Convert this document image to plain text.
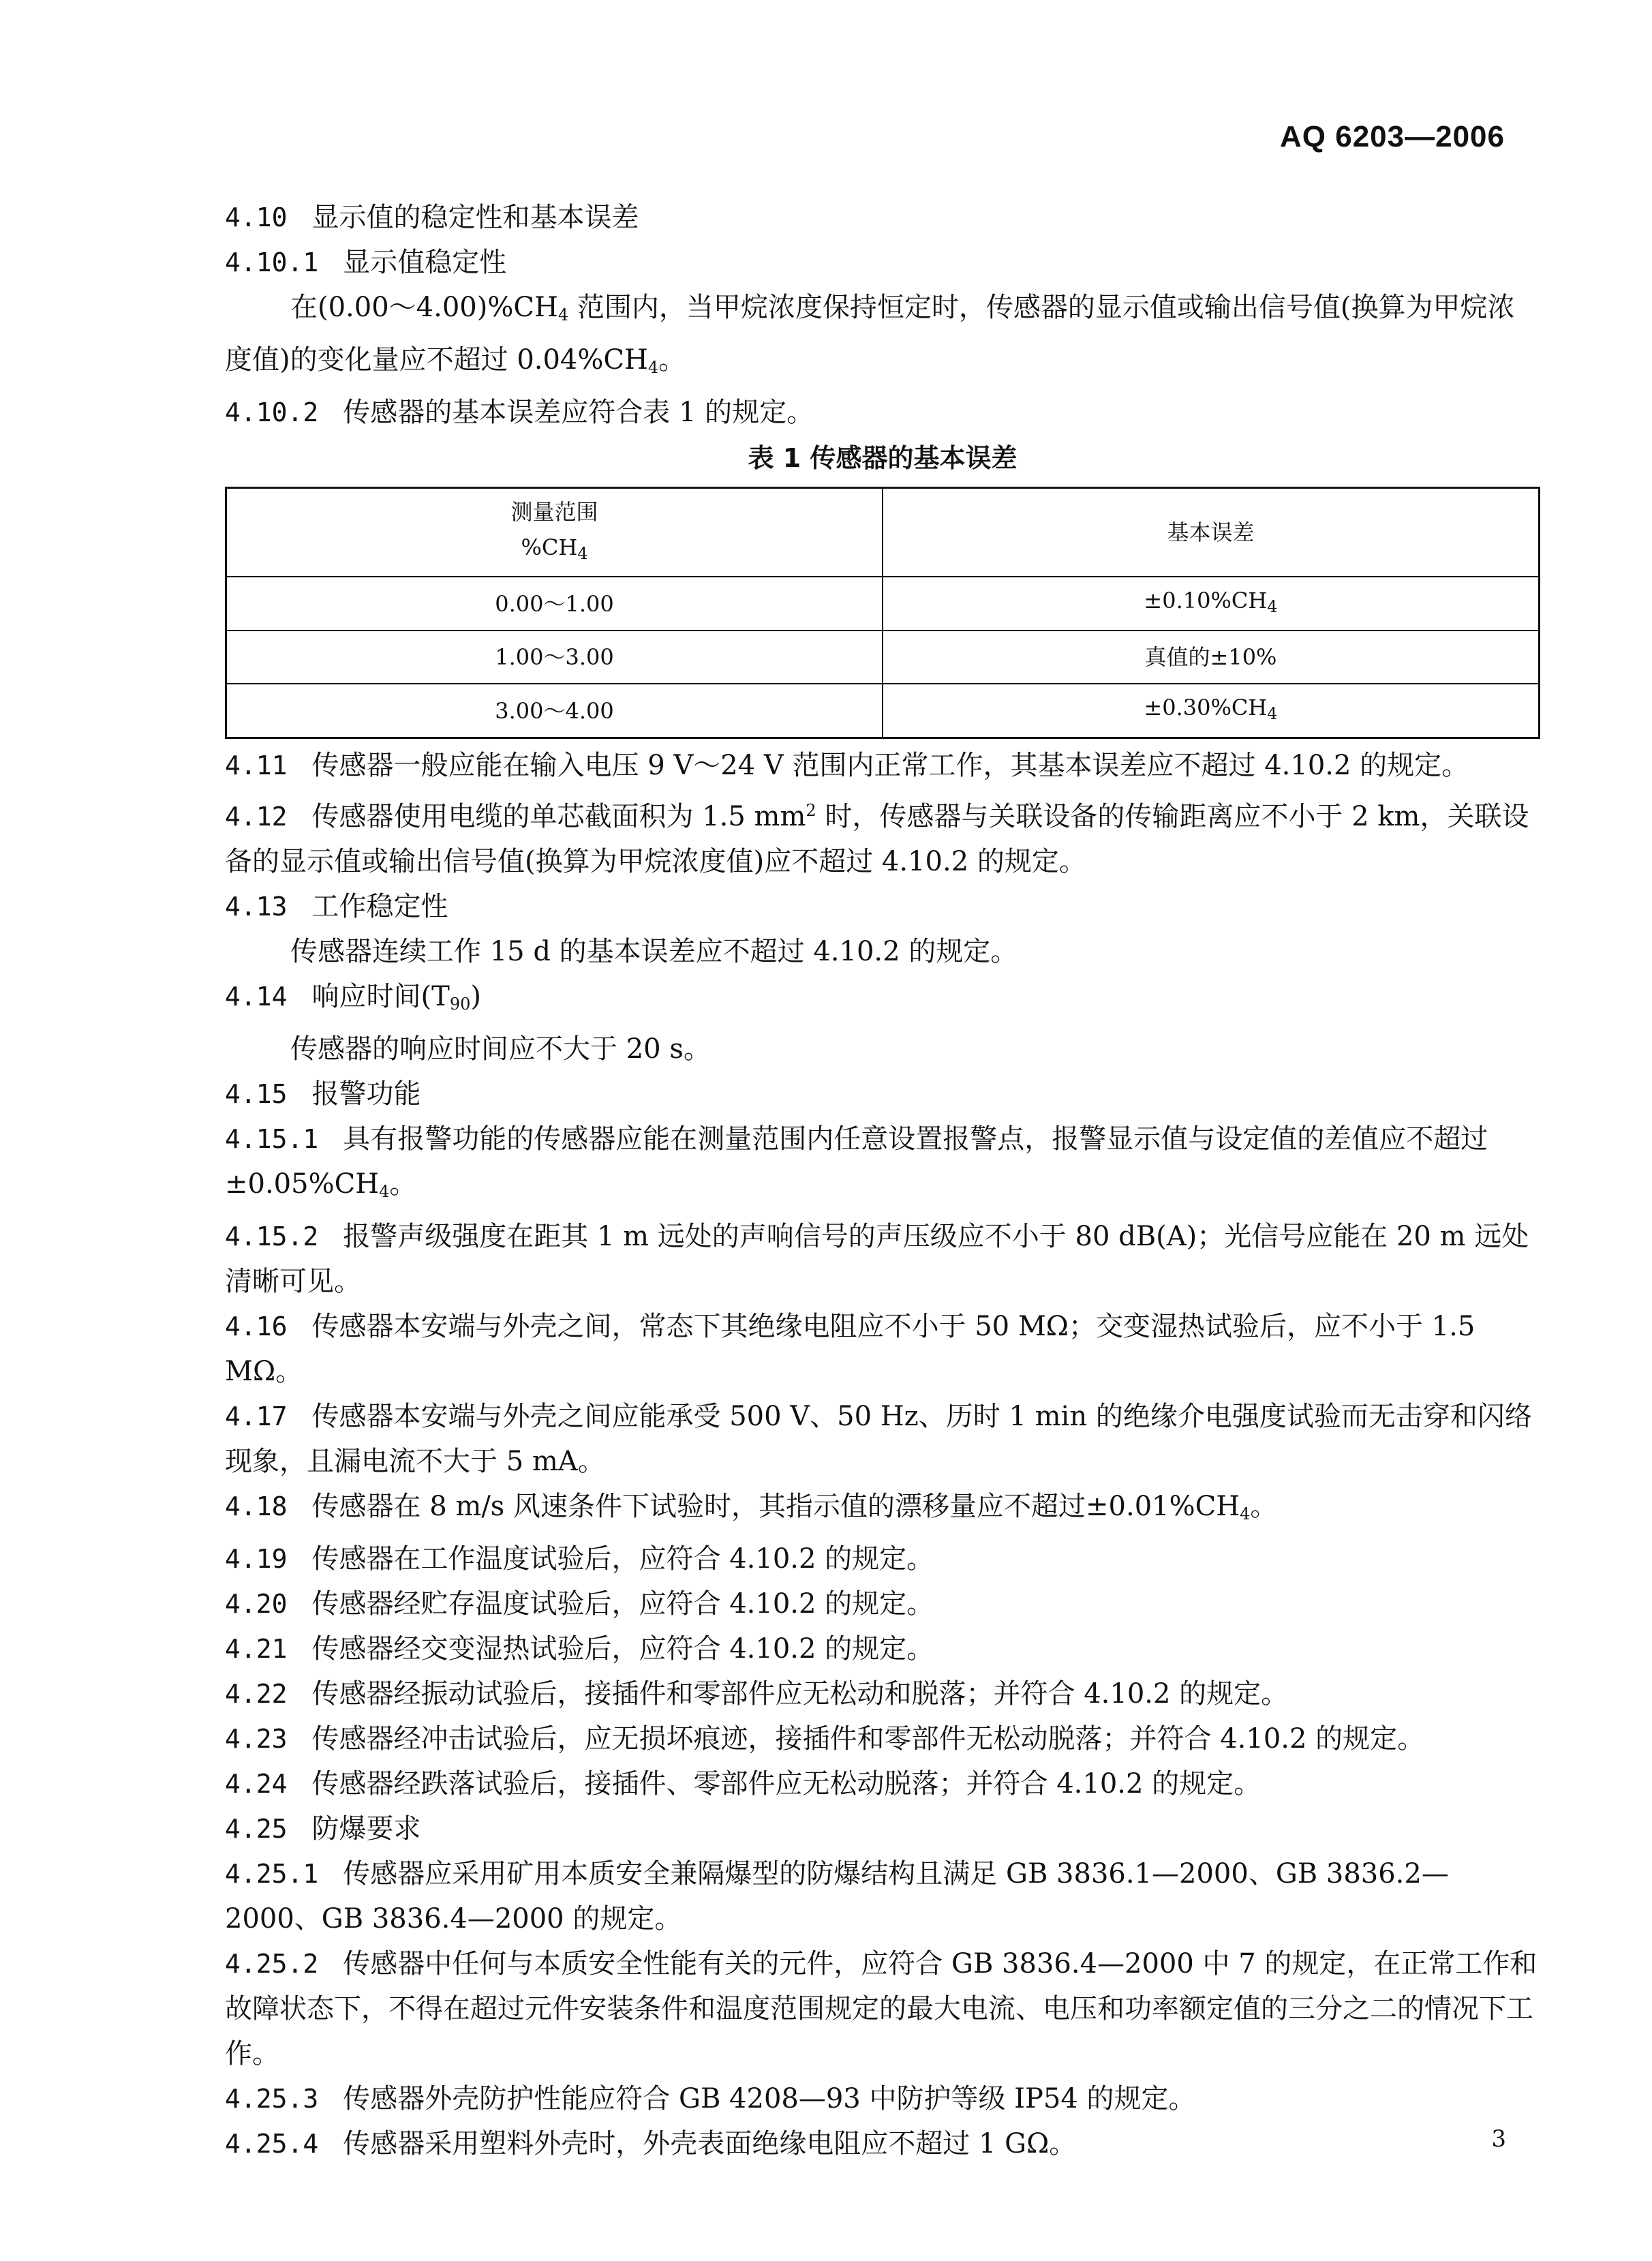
AQ 6203—2006

4.10 显示值的稳定性和基本误差

4.10.1 显示值稳定性

在$(0.00\sim 4.00)\%CH_4$ 范围内，当甲烷浓度保持恒定时，传感器的显示值或输出信号值(换算为甲烷浓度值)的变化量应不超过 $0.04\%CH_4$。

4.10.2 传感器的基本误差应符合表 1 的规定。

表 1 传感器的基本误差
测量范围
$\%CH_4$	基本误差
0.00～1.00	$\pm 0.10\%CH_4$
1.00～3.00	真值的±10%
3.00～4.00	$\pm 0.30\%CH_4$

4.11 传感器一般应能在输入电压 9 V～24 V 范围内正常工作，其基本误差应不超过 4.10.2 的规定。

4.12 传感器使用电缆的单芯截面积为 1.5 $mm^2$ 时，传感器与关联设备的传输距离应不小于 2 km，关联设备的显示值或输出信号值(换算为甲烷浓度值)应不超过 4.10.2 的规定。

4.13 工作稳定性

传感器连续工作 15 d 的基本误差应不超过 4.10.2 的规定。

4.14 响应时间$(T_{90})$

传感器的响应时间应不大于 20 s。

4.15 报警功能

4.15.1 具有报警功能的传感器应能在测量范围内任意设置报警点，报警显示值与设定值的差值应不超过$\pm 0.05\%CH_4$。

4.15.2 报警声级强度在距其 1 m 远处的声响信号的声压级应不小于 80 dB(A)；光信号应能在 20 m 远处清晰可见。

4.16 传感器本安端与外壳之间，常态下其绝缘电阻应不小于 50 MΩ；交变湿热试验后，应不小于 1.5 MΩ。

4.17 传感器本安端与外壳之间应能承受 500 V、50 Hz、历时 1 min 的绝缘介电强度试验而无击穿和闪络现象，且漏电流不大于 5 mA。

4.18 传感器在 8 m/s 风速条件下试验时，其指示值的漂移量应不超过$\pm 0.01\%CH_4$。

4.19 传感器在工作温度试验后，应符合 4.10.2 的规定。

4.20 传感器经贮存温度试验后，应符合 4.10.2 的规定。

4.21 传感器经交变湿热试验后，应符合 4.10.2 的规定。

4.22 传感器经振动试验后，接插件和零部件应无松动和脱落；并符合 4.10.2 的规定。

4.23 传感器经冲击试验后，应无损坏痕迹，接插件和零部件无松动脱落；并符合 4.10.2 的规定。

4.24 传感器经跌落试验后，接插件、零部件应无松动脱落；并符合 4.10.2 的规定。

4.25 防爆要求

4.25.1 传感器应采用矿用本质安全兼隔爆型的防爆结构且满足 GB 3836.1—2000、GB 3836.2—2000、GB 3836.4—2000 的规定。

4.25.2 传感器中任何与本质安全性能有关的元件，应符合 GB 3836.4—2000 中 7 的规定，在正常工作和故障状态下，不得在超过元件安装条件和温度范围规定的最大电流、电压和功率额定值的三分之二的情况下工作。

4.25.3 传感器外壳防护性能应符合 GB 4208—93 中防护等级 IP54 的规定。

4.25.4 传感器采用塑料外壳时，外壳表面绝缘电阻应不超过 1 GΩ。	3
